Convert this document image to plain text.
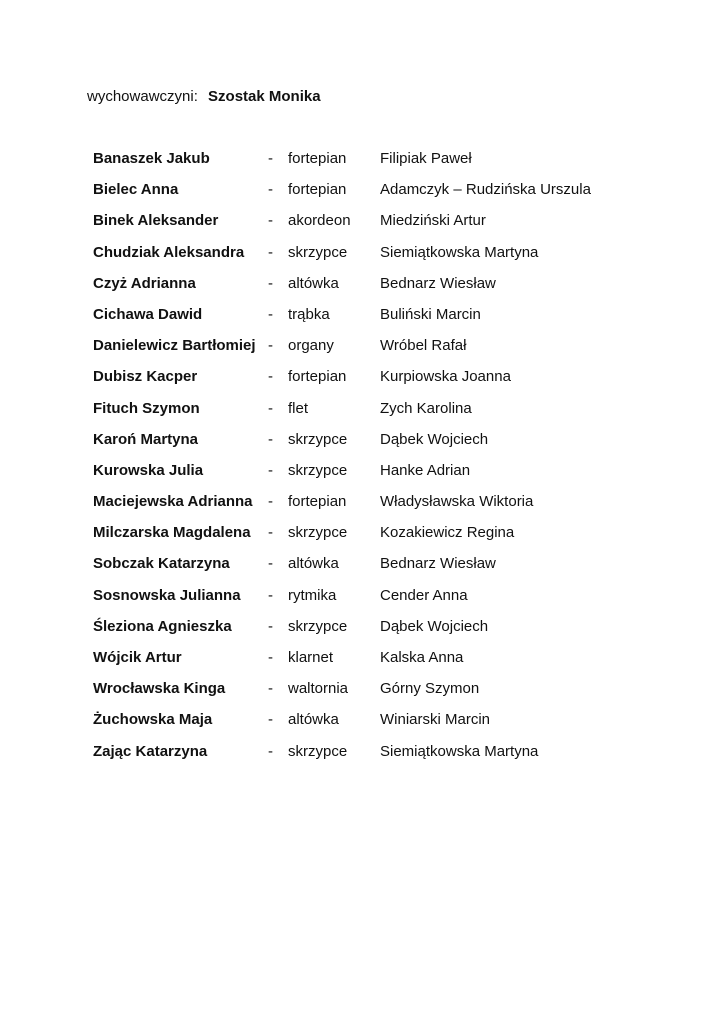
wychowawczyni: Szostak Monika
Banaszek Jakub	- fortepian Filipiak Paweł
Bielec Anna	- fortepian Adamczyk – Rudzińska Urszula
Binek Aleksander	- akordeon Miedziński Artur
Chudziak Aleksandra - skrzypce Siemiątkowska Martyna
Czyż Adrianna	- altówka	Bednarz Wiesław
Cichawa Dawid	- trąbka	Buliński Marcin
Danielewicz Bartłomiej - organy	Wróbel Rafał
Dubisz Kacper	- fortepian Kurpiowska Joanna
Fituch Szymon	- flet	Zych Karolina
Karoń Martyna	- skrzypce Dąbek Wojciech
Kurowska Julia	- skrzypce Hanke Adrian
Maciejewska Adrianna - fortepian Władysławska Wiktoria
Milczarska Magdalena - skrzypce Kozakiewicz Regina
Sobczak Katarzyna	- altówka	Bednarz Wiesław
Sosnowska Julianna - rytmika	Cender Anna
Śleziona Agnieszka - skrzypce Dąbek Wojciech
Wójcik Artur	- klarnet	Kalska Anna
Wrocławska Kinga	- waltornia Górny Szymon
Żuchowska Maja	- altówka	Winiarski Marcin
Zając Katarzyna	- skrzypce Siemiątkowska Martyna
